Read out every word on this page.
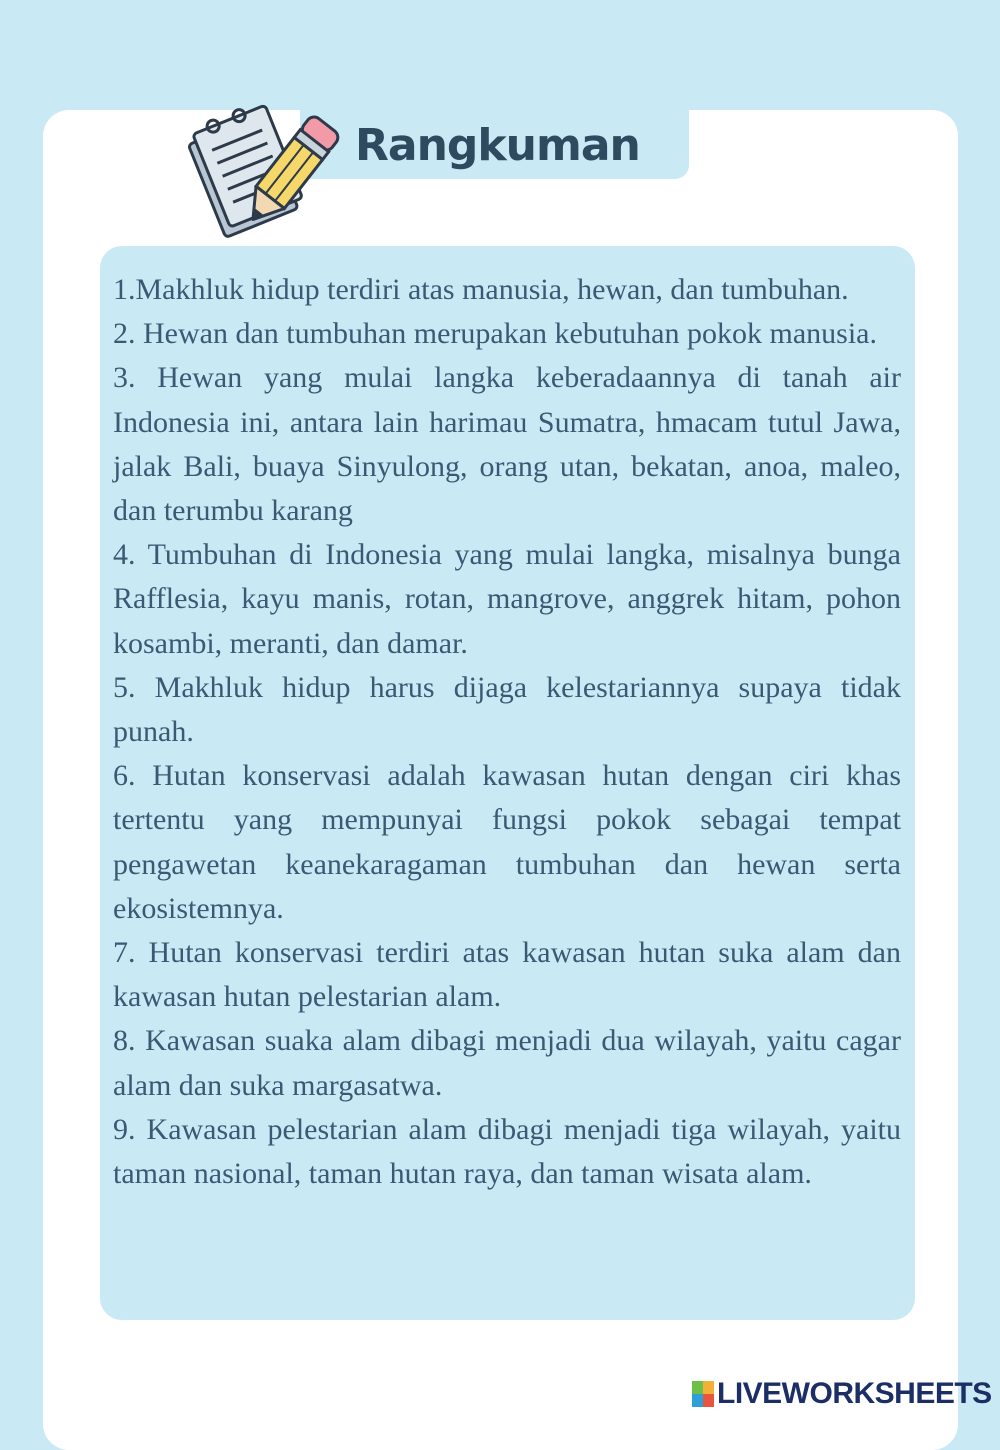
Rangkuman
1.Makhluk hidup terdiri atas manusia, hewan, dan tumbuhan.
2. Hewan dan tumbuhan merupakan kebutuhan pokok manusia.
3. Hewan yang mulai langka keberadaannya di tanah air Indonesia ini, antara lain harimau Sumatra, hmacam tutul Jawa, jalak Bali, buaya Sinyulong, orang utan, bekatan, anoa, maleo, dan terumbu karang
4. Tumbuhan di Indonesia yang mulai langka, misalnya bunga Rafflesia, kayu manis, rotan, mangrove, anggrek hitam, pohon kosambi, meranti, dan damar.
5. Makhluk hidup harus dijaga kelestariannya supaya tidak punah.
6. Hutan konservasi adalah kawasan hutan dengan ciri khas tertentu yang mempunyai fungsi pokok sebagai tempat pengawetan keanekaragaman tumbuhan dan hewan serta ekosistemnya.
7. Hutan konservasi terdiri atas kawasan hutan suka alam dan kawasan hutan pelestarian alam.
8. Kawasan suaka alam dibagi menjadi dua wilayah, yaitu cagar alam dan suka margasatwa.
9. Kawasan pelestarian alam dibagi menjadi tiga wilayah, yaitu taman nasional, taman hutan raya, dan taman wisata alam.
LIVEWORKSHEETS
